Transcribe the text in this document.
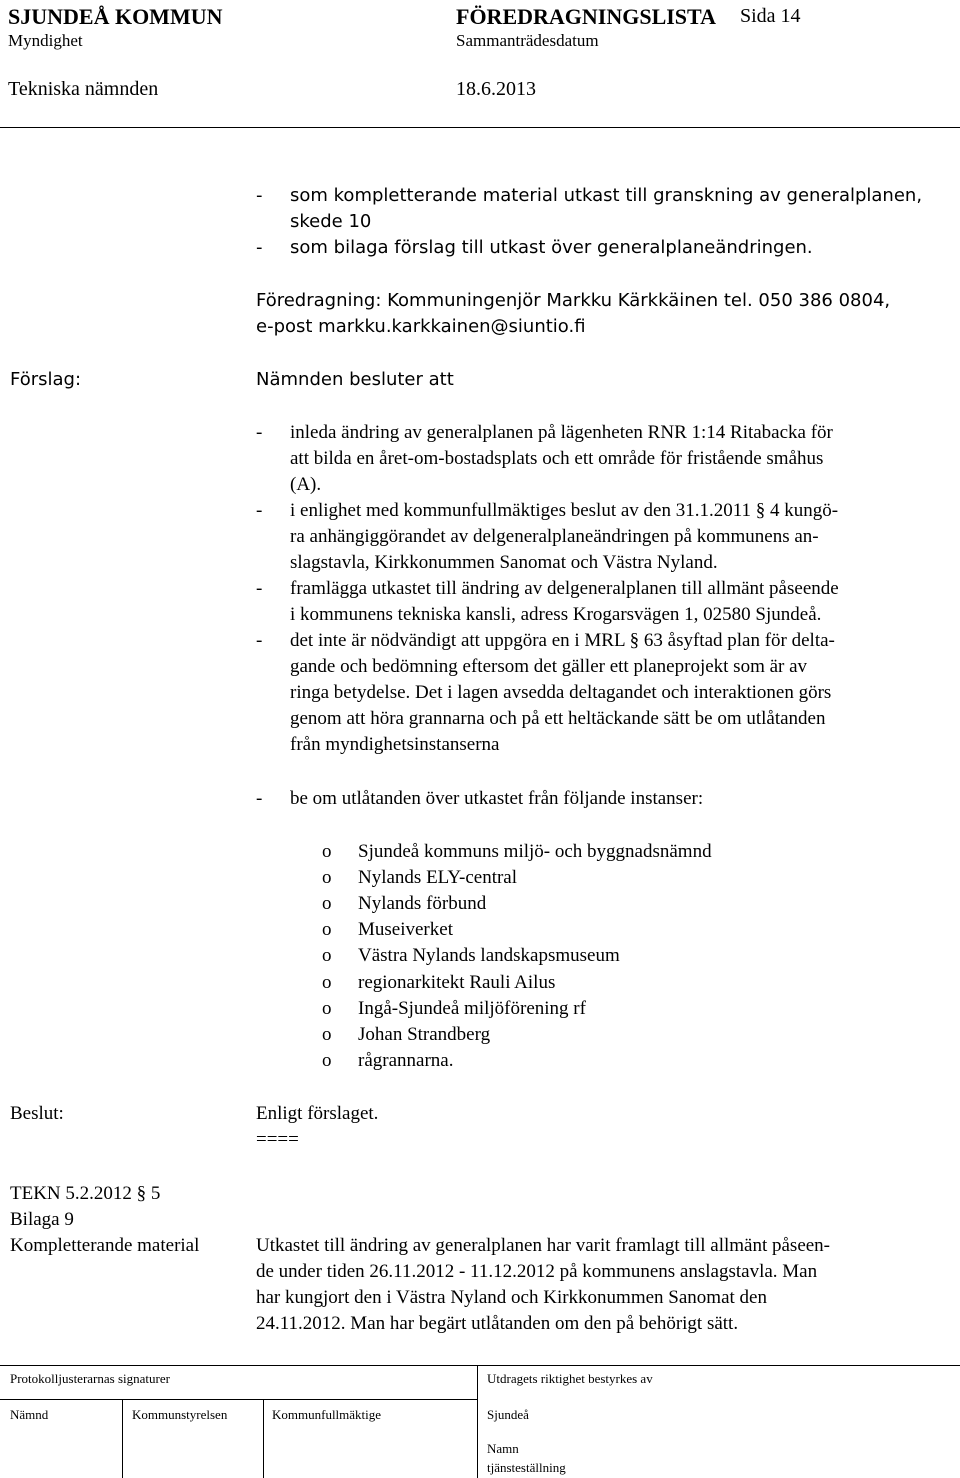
SJUNDEÅ KOMMUN	FÖREDRAGNINGSLISTA Sida 14
Myndighet	Sammanträdesdatum
Tekniska nämnden	18.6.2013
- som kompletterande material utkast till granskning av generalplanen,
skede 10
- som bilaga förslag till utkast över generalplaneändringen.
Föredragning: Kommuningenjör Markku Kärkkäinen tel. 050 386 0804,
e-post markku.karkkainen@siuntio.fi
Förslag:	Nämnden besluter att
- inleda ändring av generalplanen på lägenheten RNR 1:14 Ritabacka för
att bilda en året-om-bostadsplats och ett område för fristående småhus
(A).
- i enlighet med kommunfullmäktiges beslut av den 31.1.2011 § 4 kungö-
ra anhängiggörandet av delgeneralplaneändringen på kommunens an-
slagstavla, Kirkkonummen Sanomat och Västra Nyland.
- framlägga utkastet till ändring av delgeneralplanen till allmänt påseende
i kommunens tekniska kansli, adress Krogarsvägen 1, 02580 Sjundeå.
- det inte är nödvändigt att uppgöra en i MRL § 63 åsyftad plan för delta-
gande och bedömning eftersom det gäller ett planeprojekt som är av
ringa betydelse. Det i lagen avsedda deltagandet och interaktionen görs
genom att höra grannarna och på ett heltäckande sätt be om utlåtanden
från myndighetsinstanserna
- be om utlåtanden över utkastet från följande instanser:
o Sjundeå kommuns miljö- och byggnadsnämnd
o Nylands ELY-central
o Nylands förbund
o Museiverket
o Västra Nylands landskapsmuseum
o regionarkitekt Rauli Ailus
o Ingå-Sjundeå miljöförening rf
o Johan Strandberg
o rågrannarna.
Beslut:	Enligt förslaget.
====
TEKN 5.2.2012 § 5
Bilaga 9
Kompletterande material	Utkastet till ändring av generalplanen har varit framlagt till allmänt påseen-
de under tiden 26.11.2012 - 11.12.2012 på kommunens anslagstavla. Man
har kungjort den i Västra Nyland och Kirkkonummen Sanomat den
24.11.2012. Man har begärt utlåtanden om den på behörigt sätt.
Protokolljusterarnas signaturer	Utdragets riktighet bestyrkes av
Nämnd	Kommunstyrelsen	Kommunfullmäktige	Sjundeå
Namn
tjänsteställning
